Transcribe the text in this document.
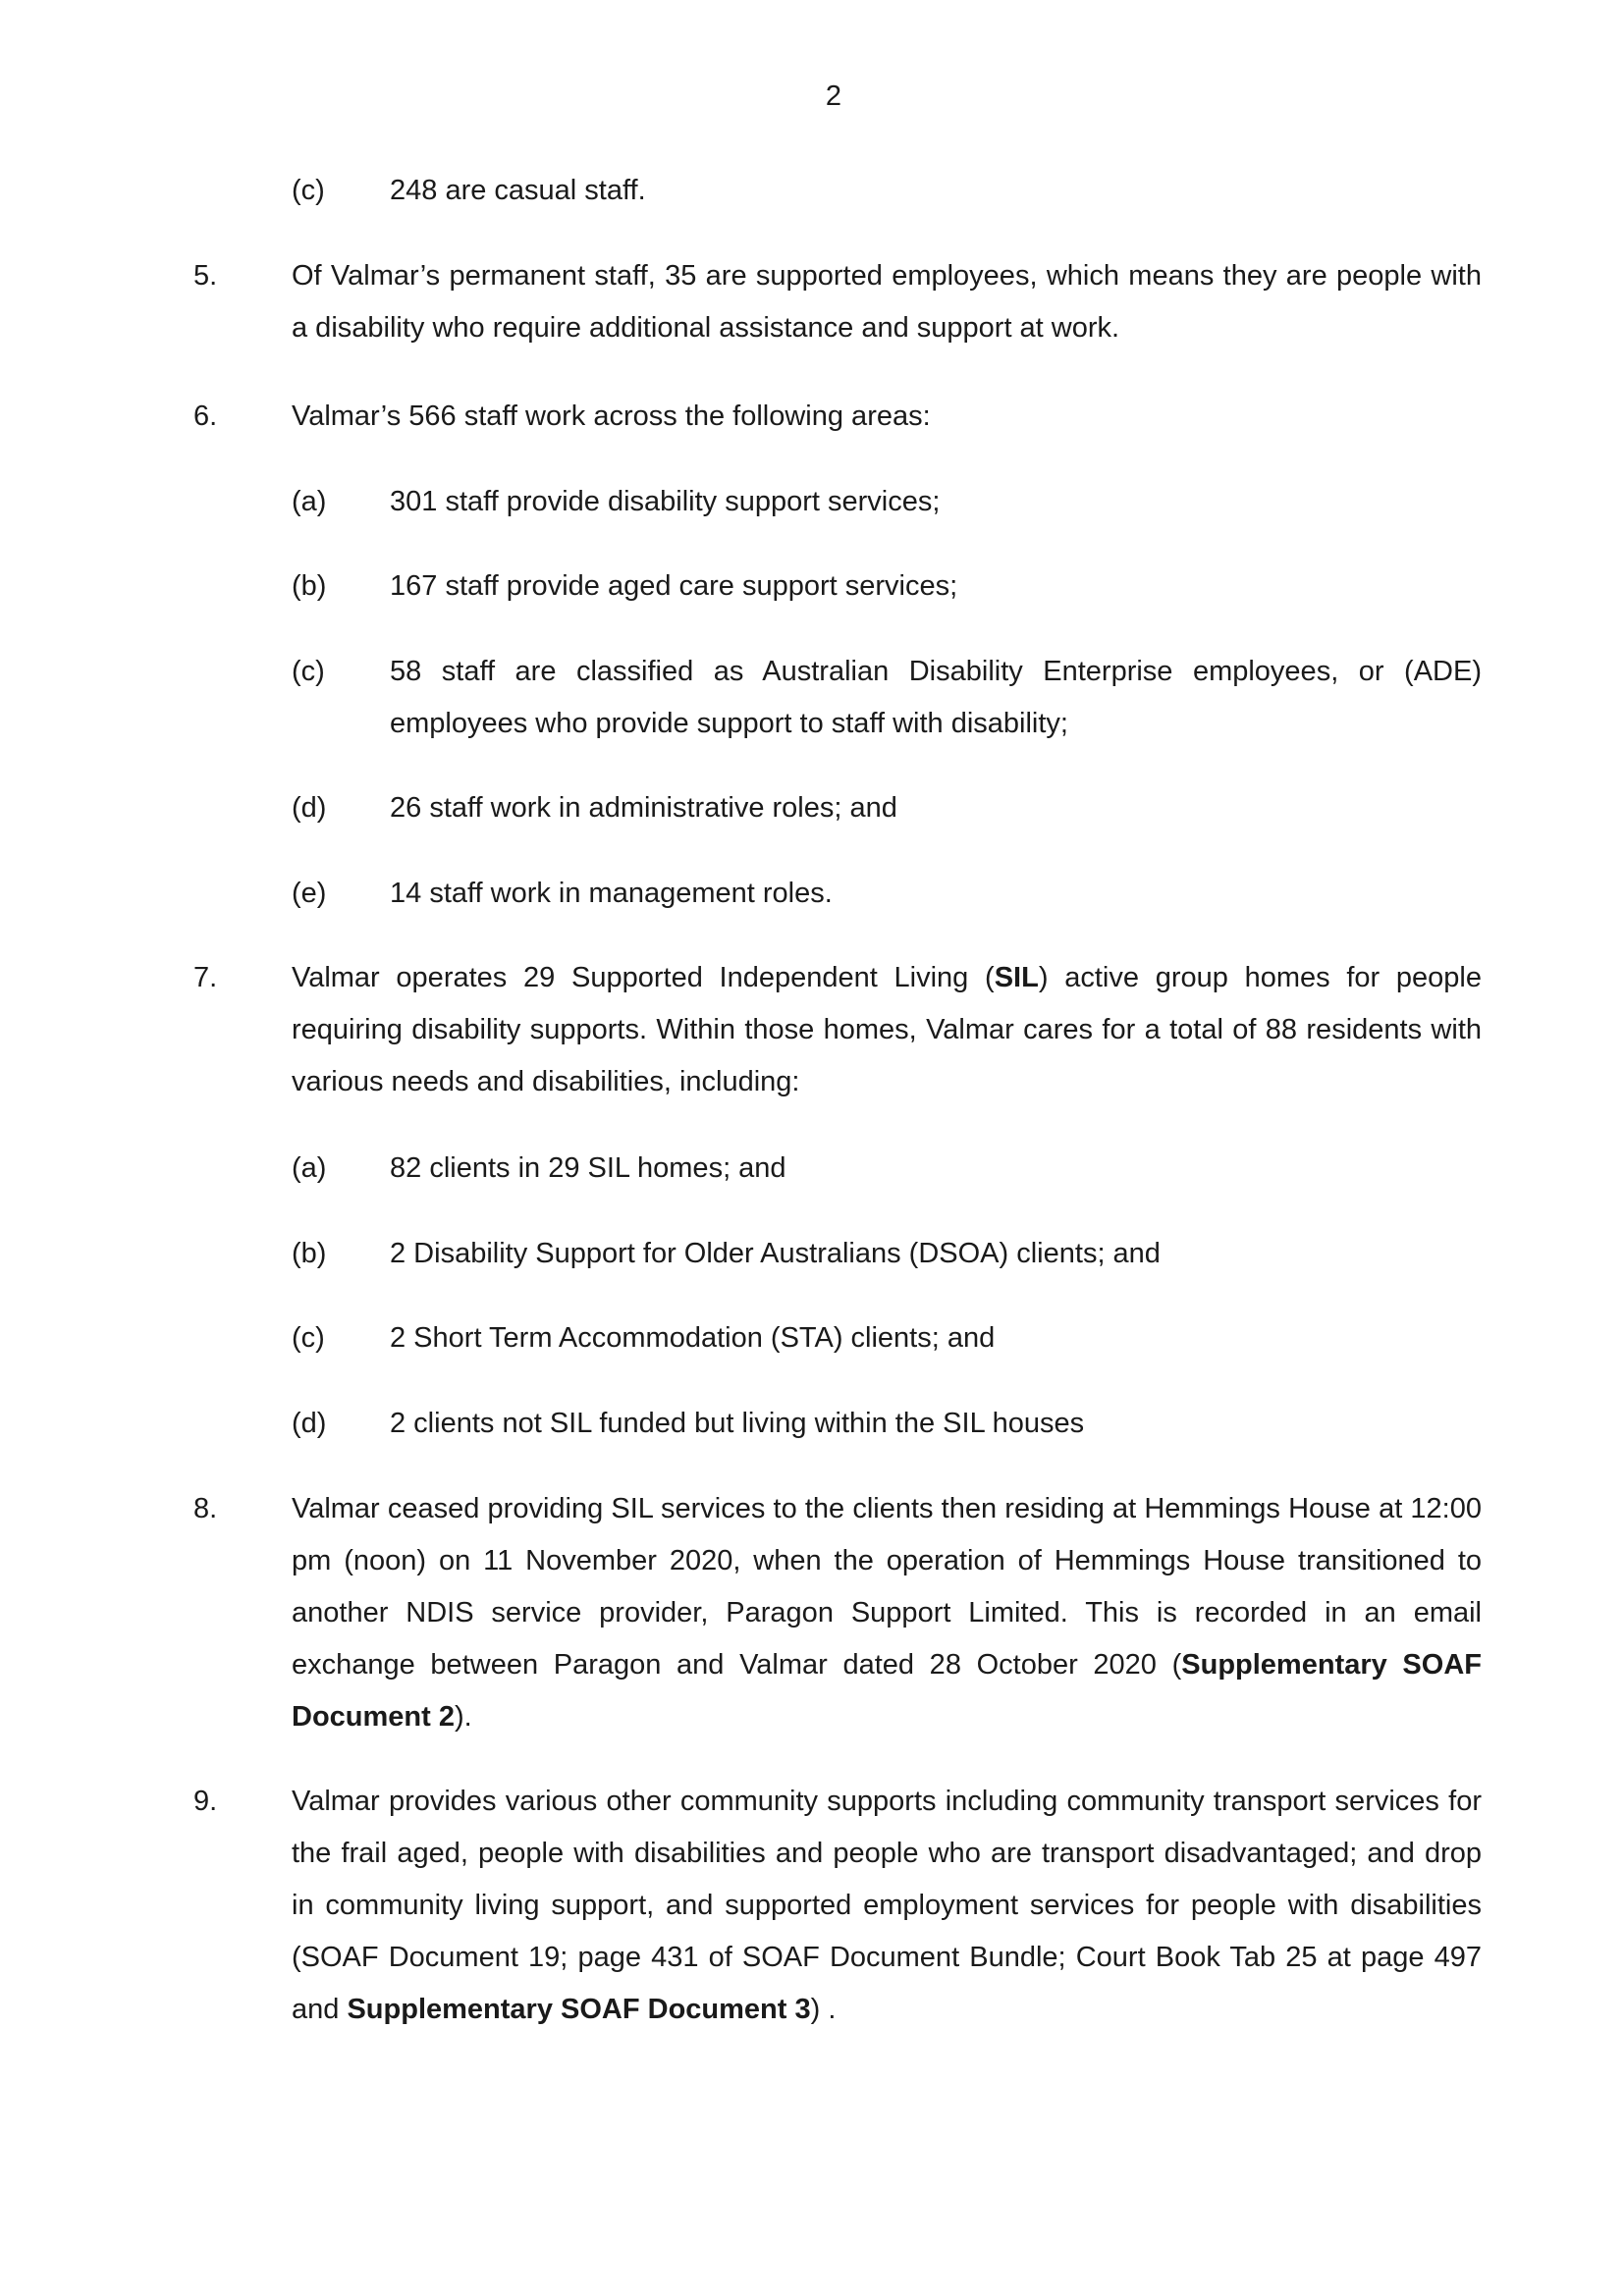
2
(c) 248 are casual staff.

5.	Of Valmar’s permanent staff, 35 are supported employees, which means they are people with a disability who require additional assistance and support at work.

6.	Valmar’s 566 staff work across the following areas:

(a) 301 staff provide disability support services;

(b) 167 staff provide aged care support services;

(c) 58 staff are classified as Australian Disability Enterprise employees, or (ADE) employees who provide support to staff with disability;

(d) 26 staff work in administrative roles; and

(e) 14 staff work in management roles.

7.	Valmar operates 29 Supported Independent Living (SIL) active group homes for people requiring disability supports. Within those homes, Valmar cares for a total of 88 residents with various needs and disabilities, including:

(a) 82 clients in 29 SIL homes; and

(b) 2 Disability Support for Older Australians (DSOA) clients; and

(c) 2 Short Term Accommodation (STA) clients; and

(d) 2 clients not SIL funded but living within the SIL houses

8.	Valmar ceased providing SIL services to the clients then residing at Hemmings House at 12:00 pm (noon) on 11 November 2020, when the operation of Hemmings House transitioned to another NDIS service provider, Paragon Support Limited. This is recorded in an email exchange between Paragon and Valmar dated 28 October 2020 (Supplementary SOAF Document 2).

9.	Valmar provides various other community supports including community transport services for the frail aged, people with disabilities and people who are transport disadvantaged; and drop in community living support, and supported employment services for people with disabilities (SOAF Document 19; page 431 of SOAF Document Bundle; Court Book Tab 25 at page 497 and Supplementary SOAF Document 3) .
